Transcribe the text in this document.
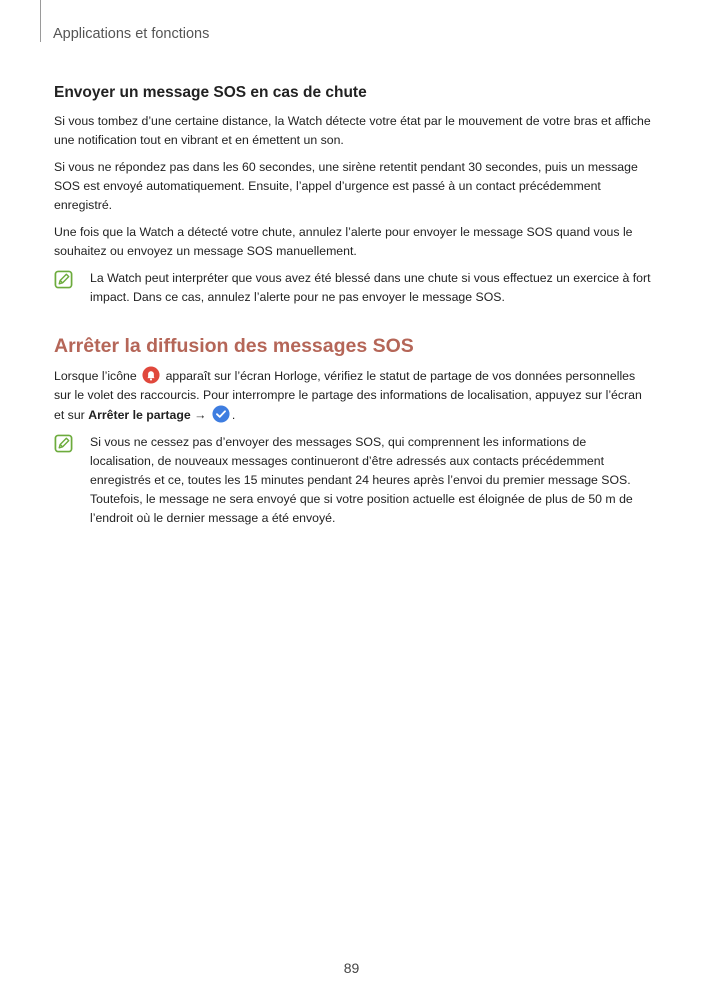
Applications et fonctions
Envoyer un message SOS en cas de chute

Si vous tombez d’une certaine distance, la Watch détecte votre état par le mouvement de votre bras et affiche une notification tout en vibrant et en émettent un son.

Si vous ne répondez pas dans les 60 secondes, une sirène retentit pendant 30 secondes, puis un message SOS est envoyé automatiquement. Ensuite, l’appel d’urgence est passé à un contact précédemment enregistré.

Une fois que la Watch a détecté votre chute, annulez l’alerte pour envoyer le message SOS quand vous le souhaitez ou envoyez un message SOS manuellement.

La Watch peut interpréter que vous avez été blessé dans une chute si vous effectuez un exercice à fort impact. Dans ce cas, annulez l’alerte pour ne pas envoyer le message SOS.
Arrêter la diffusion des messages SOS

Lorsque l’icône apparaît sur l’écran Horloge, vérifiez le statut de partage de vos données personnelles sur le volet des raccourcis. Pour interrompre le partage des informations de localisation, appuyez sur l’écran et sur Arrêter le partage → .

Si vous ne cessez pas d’envoyer des messages SOS, qui comprennent les informations de localisation, de nouveaux messages continueront d’être adressés aux contacts précédemment enregistrés et ce, toutes les 15 minutes pendant 24 heures après l’envoi du premier message SOS. Toutefois, le message ne sera envoyé que si votre position actuelle est éloignée de plus de 50 m de l’endroit où le dernier message a été envoyé.
89
